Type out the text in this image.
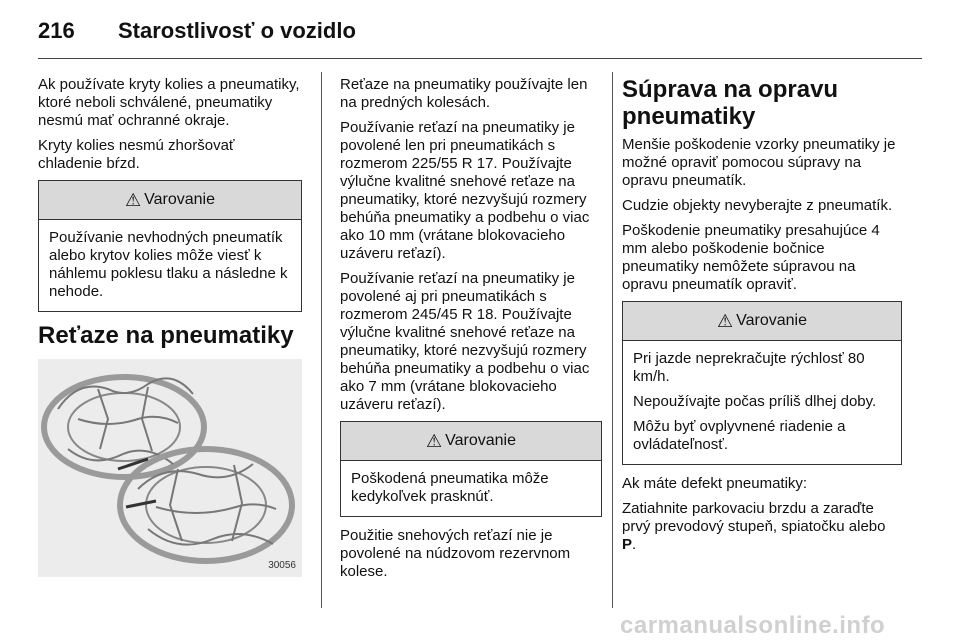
216 Starostlivosť o vozidlo

Ak používate kryty kolies a pneumatiky, ktoré neboli schválené, pneumatiky nesmú mať ochranné okraje.

Kryty kolies nesmú zhoršovať chladenie bŕzd.

⚠ Varovanie

Používanie nevhodných pneumatík alebo krytov kolies môže viesť k náhlemu poklesu tlaku a následne k nehode.

Reťaze na pneumatiky
30056

Reťaze na pneumatiky používajte len na predných kolesách.

Používanie reťazí na pneumatiky je povolené len pri pneumatikách s rozmerom 225/55 R 17. Používajte výlučne kvalitné snehové reťaze na pneumatiky, ktoré nezvyšujú rozmery behúňa pneumatiky a podbehu o viac ako 10 mm (vrátane blokovacieho uzáveru reťazí).

Používanie reťazí na pneumatiky je povolené aj pri pneumatikách s rozmerom 245/45 R 18. Používajte výlučne kvalitné snehové reťaze na pneumatiky, ktoré nezvyšujú rozmery behúňa pneumatiky a podbehu o viac ako 7 mm (vrátane blokovacieho uzáveru reťazí).

⚠ Varovanie

Poškodená pneumatika môže kedykoľvek prasknúť.

Použitie snehových reťazí nie je povolené na núdzovom rezervnom kolese.

Súprava na opravu pneumatiky

Menšie poškodenie vzorky pneumatiky je možné opraviť pomocou súpravy na opravu pneumatík.

Cudzie objekty nevyberajte z pneumatík.

Poškodenie pneumatiky presahujúce 4 mm alebo poškodenie bočnice pneumatiky nemôžete súpravou na opravu pneumatík opraviť.

⚠ Varovanie

Pri jazde neprekračujte rýchlosť 80 km/h.

Nepoužívajte počas príliš dlhej doby.

Môžu byť ovplyvnené riadenie a ovládateľnosť.

Ak máte defekt pneumatiky:

Zatiahnite parkovaciu brzdu a zaraďte prvý prevodový stupeň, spiatočku alebo P.

carmanualsonline.info
